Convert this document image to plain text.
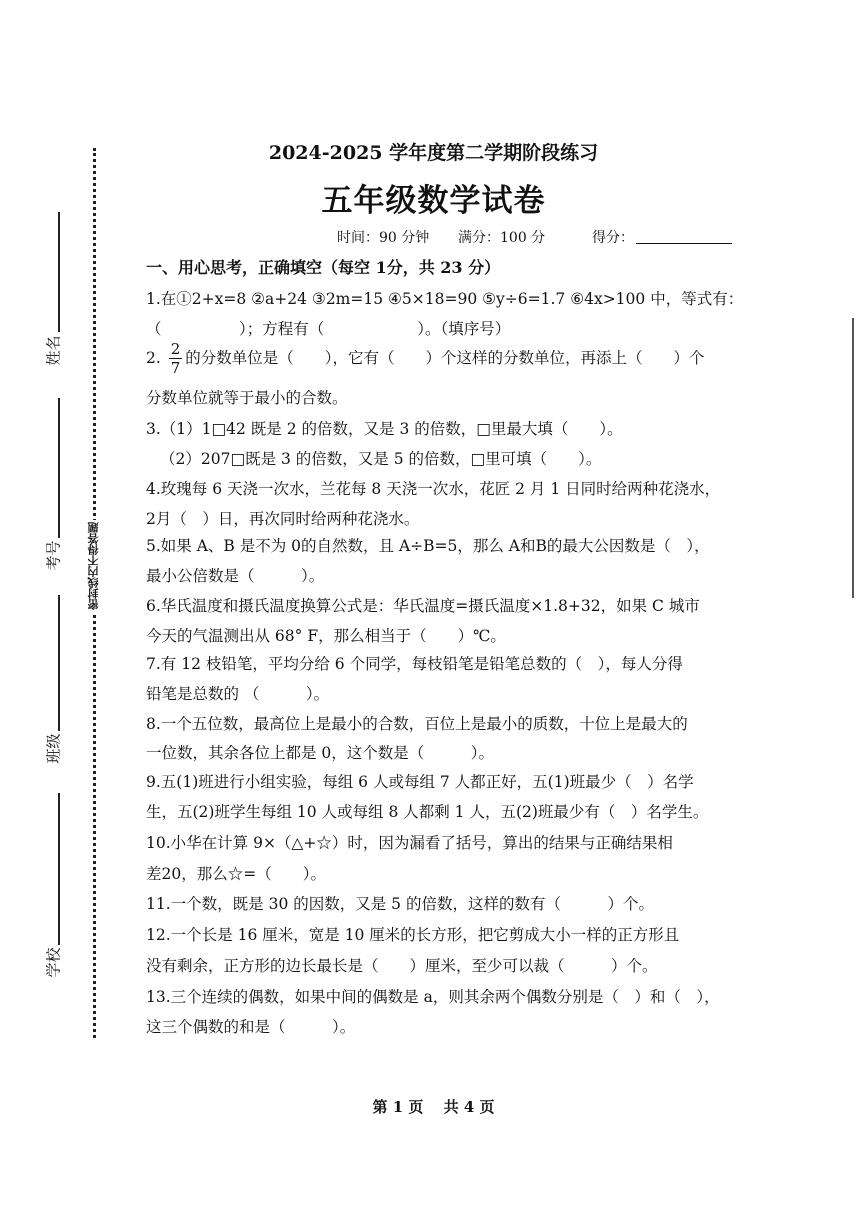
姓名
考号
班级
学校
密封线内不得答题
2024-2025 学年度第二学期阶段练习
五年级数学试卷
时间：90 分钟 满分：100 分	得分：
一、用心思考，正确填空（每空 1分，共 23 分）
1.在①2+x=8 ②a+24 ③2m=15 ④5×18=90 ⑤y÷6=1.7 ⑥4x>100 中，等式有：
（　　　　　）；方程有（　　　　　　）。（填序号）
2. $\frac{2}{7}$ 的分数单位是（　　），它有（　　）个这样的分数单位，再添上（　　）个
分数单位就等于最小的合数。
3.（1）1□42 既是 2 的倍数，又是 3 的倍数，□里最大填（　　）。
（2）207□既是 3 的倍数，又是 5 的倍数，□里可填（　　）。
4.玫瑰每 6 天浇一次水，兰花每 8 天浇一次水，花匠 2 月 1 日同时给两种花浇水，
2月（　）日，再次同时给两种花浇水。
5.如果 A、B 是不为 0的自然数，且 A÷B=5，那么 A和B的最大公因数是（　），
最小公倍数是（　　　）。
6.华氏温度和摄氏温度换算公式是：华氏温度=摄氏温度×1.8+32，如果 C 城市
今天的气温测出从 68° F，那么相当于（　　）℃。
7.有 12 枝铅笔，平均分给 6 个同学，每枝铅笔是铅笔总数的（　），每人分得
铅笔是总数的 （　　　）。
8.一个五位数，最高位上是最小的合数，百位上是最小的质数，十位上是最大的
一位数，其余各位上都是 0，这个数是（　　　）。
9.五(1)班进行小组实验，每组 6 人或每组 7 人都正好，五(1)班最少（　）名学
生，五(2)班学生每组 10 人或每组 8 人都剩 1 人，五(2)班最少有（　）名学生。
10.小华在计算 9×（△+☆）时，因为漏看了括号，算出的结果与正确结果相
差20，那么☆=（　　）。
11.一个数，既是 30 的因数，又是 5 的倍数，这样的数有（　　　）个。
12.一个长是 16 厘米，宽是 10 厘米的长方形，把它剪成大小一样的正方形且
没有剩余，正方形的边长最长是（　　）厘米，至少可以裁（　　　）个。
13.三个连续的偶数，如果中间的偶数是 a，则其余两个偶数分别是（　）和（　），
这三个偶数的和是（　　　）。
第 1 页　 共 4 页
